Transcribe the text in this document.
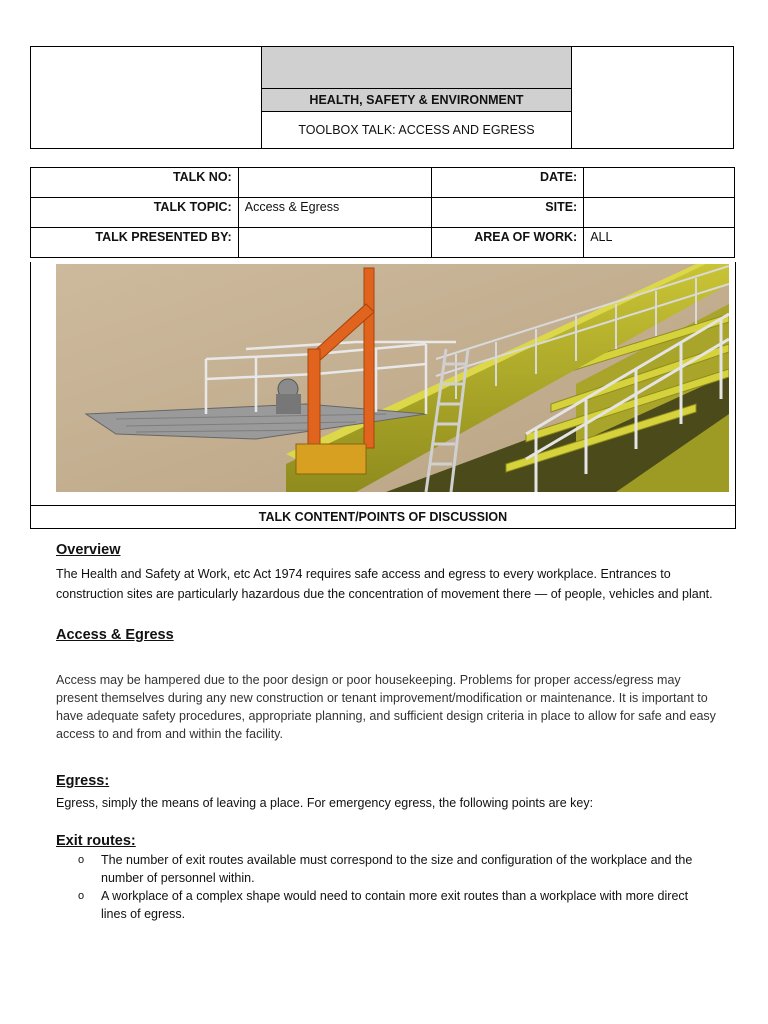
HEALTH, SAFETY & ENVIRONMENT
TOOLBOX TALK: ACCESS AND EGRESS
TALK NO:		DATE:	
TALK TOPIC:	Access & Egress	SITE:	
TALK PRESENTED BY:		AREA OF WORK:	ALL
TALK CONTENT/POINTS OF DISCUSSION
Overview

The Health and Safety at Work, etc Act 1974 requires safe access and egress to every workplace. Entrances to construction sites are particularly hazardous due the concentration of movement there — of people, vehicles and plant.

Access & Egress

Access may be hampered due to the poor design or poor housekeeping. Problems for proper access/egress may present themselves during any new construction or tenant improvement/modification or maintenance. It is important to have adequate safety procedures, appropriate planning, and sufficient design criteria in place to allow for safe and easy access to and from and within the facility.

Egress:

Egress, simply the means of leaving a place. For emergency egress, the following points are key:

Exit routes:
o The number of exit routes available must correspond to the size and configuration of the workplace and the number of personnel within.
o A workplace of a complex shape would need to contain more exit routes than a workplace with more direct lines of egress.
